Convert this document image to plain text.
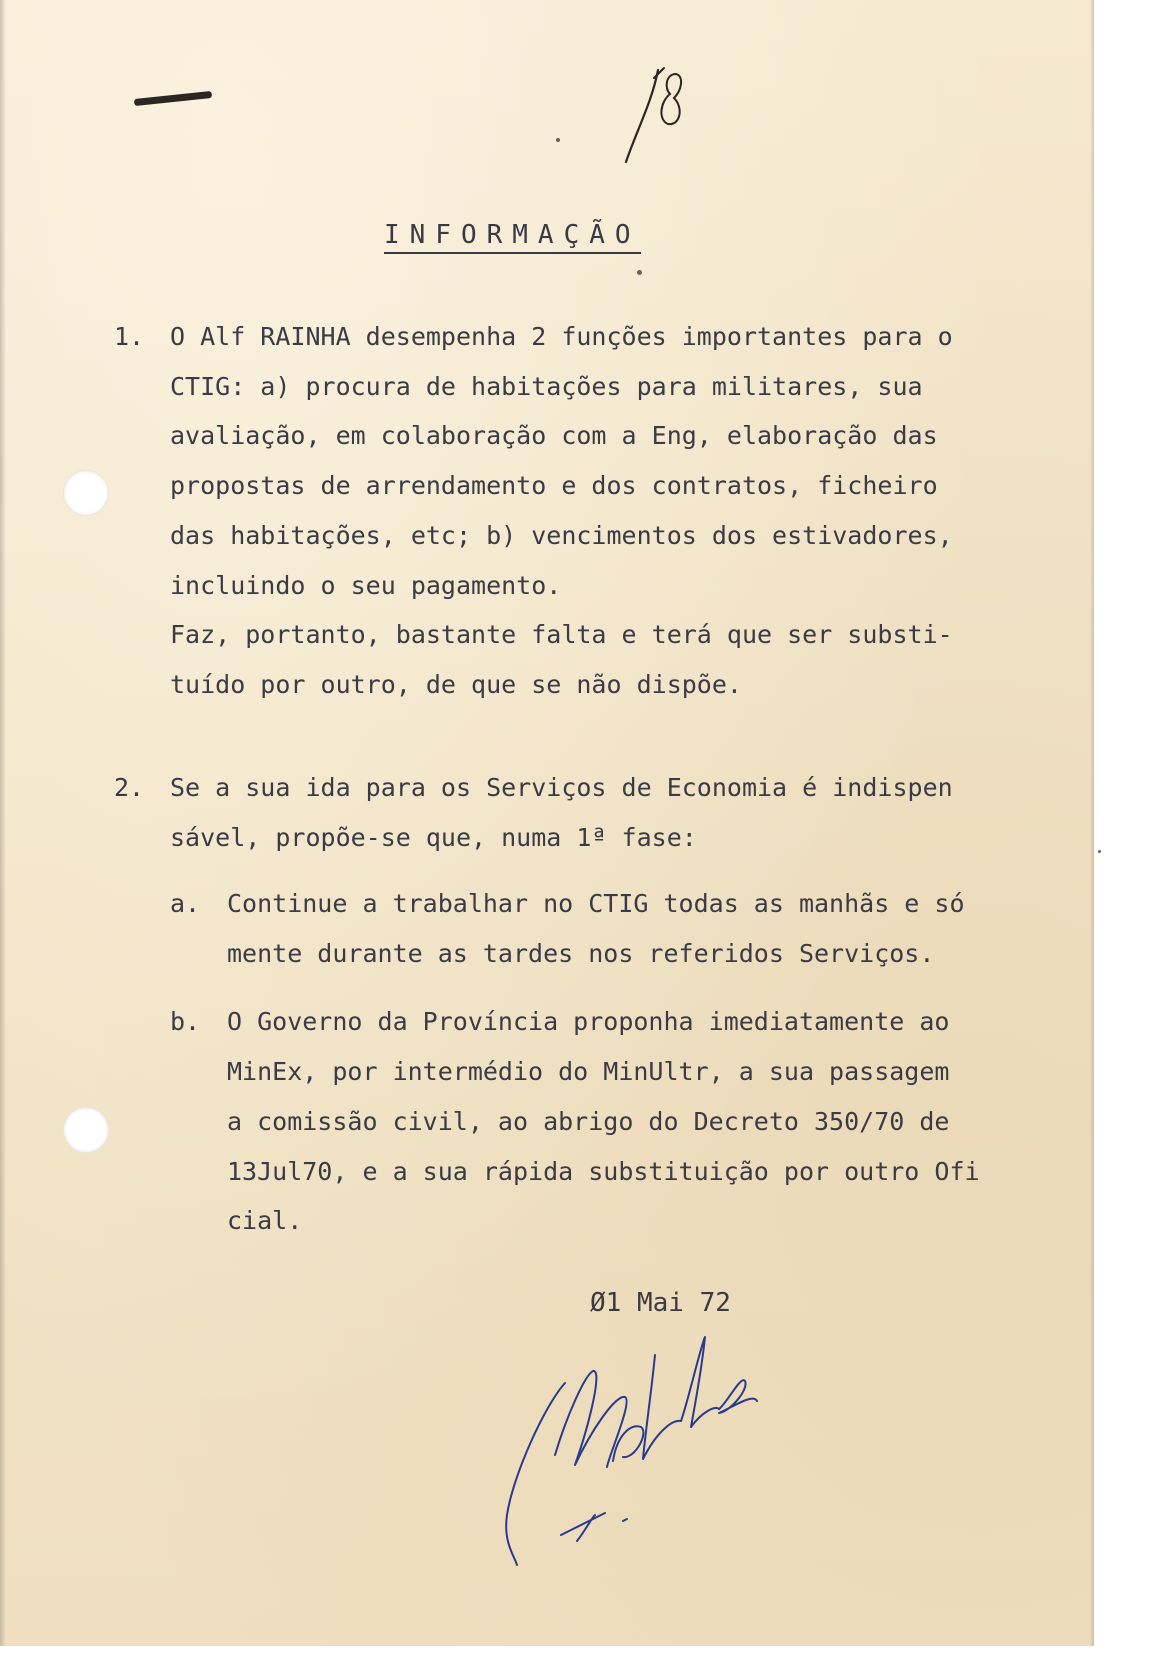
INFORMAÇÃO
1. O Alf RAINHA desempenha 2 funções importantes para o
CTIG: a) procura de habitações para militares, sua
avaliação, em colaboração com a Eng, elaboração das
propostas de arrendamento e dos contratos, ficheiro
das habitações, etc; b) vencimentos dos estivadores,
incluindo o seu pagamento.
Faz, portanto, bastante falta e terá que ser substi-
tuído por outro, de que se não dispõe.
2. Se a sua ida para os Serviços de Economia é indispen
sável, propõe-se que, numa 1ª fase:
a. Continue a trabalhar no CTIG todas as manhãs e só
mente durante as tardes nos referidos Serviços.
b. O Governo da Província proponha imediatamente ao
MinEx, por intermédio do MinUltr, a sua passagem
a comissão civil, ao abrigo do Decreto 350/70 de
13Jul70, e a sua rápida substituição por outro Ofi
cial.
Ø1 Mai 72
